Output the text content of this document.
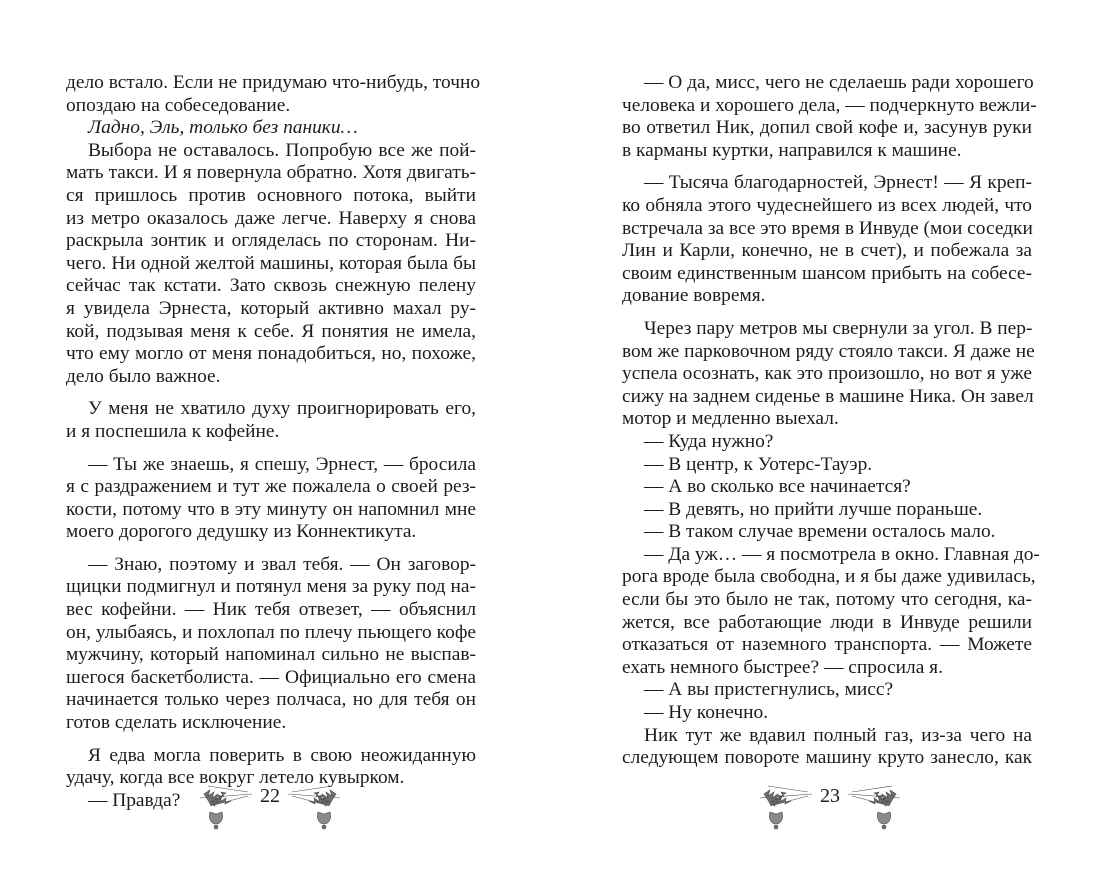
дело встало. Если не придумаю что-нибудь, точно
опоздаю на собеседование.
Ладно, Эль, только без паники…
Выбора не оставалось. Попробую все же пой-
мать такси. И я повернула обратно. Хотя двигать-
ся пришлось против основного потока, выйти
из метро оказалось даже легче. Наверху я снова
раскрыла зонтик и огляделась по сторонам. Ни-
чего. Ни одной желтой машины, которая была бы
сейчас так кстати. Зато сквозь снежную пелену
я увидела Эрнеста, который активно махал ру-
кой, подзывая меня к себе. Я понятия не имела,
что ему могло от меня понадобиться, но, похоже,
дело было важное.
У меня не хватило духу проигнорировать его,
и я поспешила к кофейне.
— Ты же знаешь, я спешу, Эрнест, — бросила
я с раздражением и тут же пожалела о своей рез-
кости, потому что в эту минуту он напомнил мне
моего дорогого дедушку из Коннектикута.
— Знаю, поэтому и звал тебя. — Он заговор-
щицки подмигнул и потянул меня за руку под на-
вес кофейни. — Ник тебя отвезет, — объяснил
он, улыбаясь, и похлопал по плечу пьющего кофе
мужчину, который напоминал сильно не выспав-
шегося баскетболиста. — Официально его смена
начинается только через полчаса, но для тебя он
готов сделать исключение.
Я едва могла поверить в свою неожиданную
удачу, когда все вокруг летело кувырком.
— Правда?
— О да, мисс, чего не сделаешь ради хорошего
человека и хорошего дела, — подчеркнуто вежли-
во ответил Ник, допил свой кофе и, засунув руки
в карманы куртки, направился к машине.
— Тысяча благодарностей, Эрнест! — Я креп-
ко обняла этого чудеснейшего из всех людей, что
встречала за все это время в Инвуде (мои соседки
Лин и Карли, конечно, не в счет), и побежала за
своим единственным шансом прибыть на собесе-
дование вовремя.
Через пару метров мы свернули за угол. В пер-
вом же парковочном ряду стояло такси. Я даже не
успела осознать, как это произошло, но вот я уже
сижу на заднем сиденье в машине Ника. Он завел
мотор и медленно выехал.
— Куда нужно?
— В центр, к Уотерс-Тауэр.
— А во сколько все начинается?
— В девять, но прийти лучше пораньше.
— В таком случае времени осталось мало.
— Да уж… — я посмотрела в окно. Главная до-
рога вроде была свободна, и я бы даже удивилась,
если бы это было не так, потому что сегодня, ка-
жется, все работающие люди в Инвуде решили
отказаться от наземного транспорта. — Можете
ехать немного быстрее? — спросила я.
— А вы пристегнулись, мисс?
— Ну конечно.
Ник тут же вдавил полный газ, из-за чего на
следующем повороте машину круто занесло, как
22	23
